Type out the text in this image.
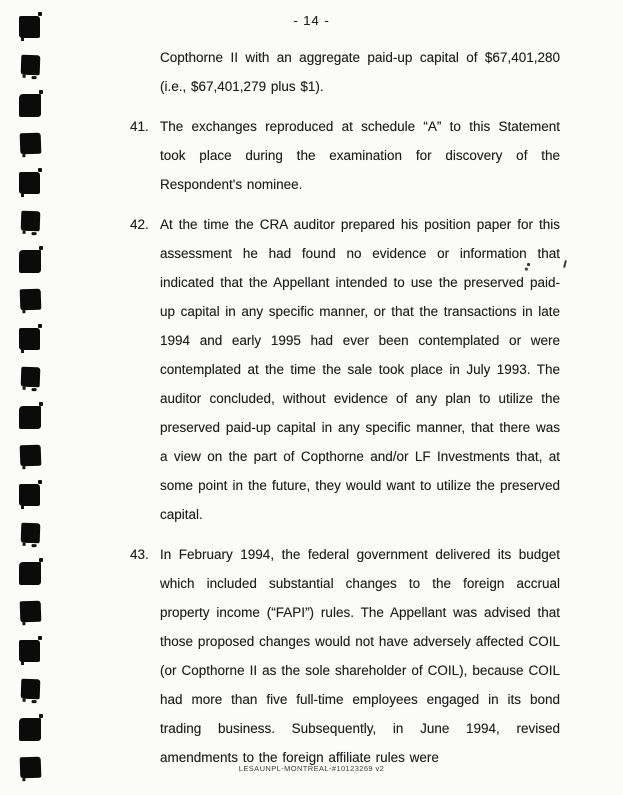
- 14 -

Copthorne II with an aggregate paid-up capital of $67,401,280 (i.e., $67,401,279 plus $1).

41. The exchanges reproduced at schedule “A” to this Statement took place during the examination for discovery of the Respondent's nominee.

42. At the time the CRA auditor prepared his position paper for this assessment he had found no evidence or information that indicated that the Appellant intended to use the preserved paid-up capital in any specific manner, or that the transactions in late 1994 and early 1995 had ever been contemplated or were contemplated at the time the sale took place in July 1993. The auditor concluded, without evidence of any plan to utilize the preserved paid-up capital in any specific manner, that there was a view on the part of Copthorne and/or LF Investments that, at some point in the future, they would want to utilize the preserved capital.

43. In February 1994, the federal government delivered its budget which included substantial changes to the foreign accrual property income (“FAPI”) rules. The Appellant was advised that those proposed changes would not have adversely affected COIL (or Copthorne II as the sole shareholder of COIL), because COIL had more than five full-time employees engaged in its bond trading business. Subsequently, in June 1994, revised amendments to the foreign affiliate rules were

LESAUNPL-MONTREAL-#10123269 v2
